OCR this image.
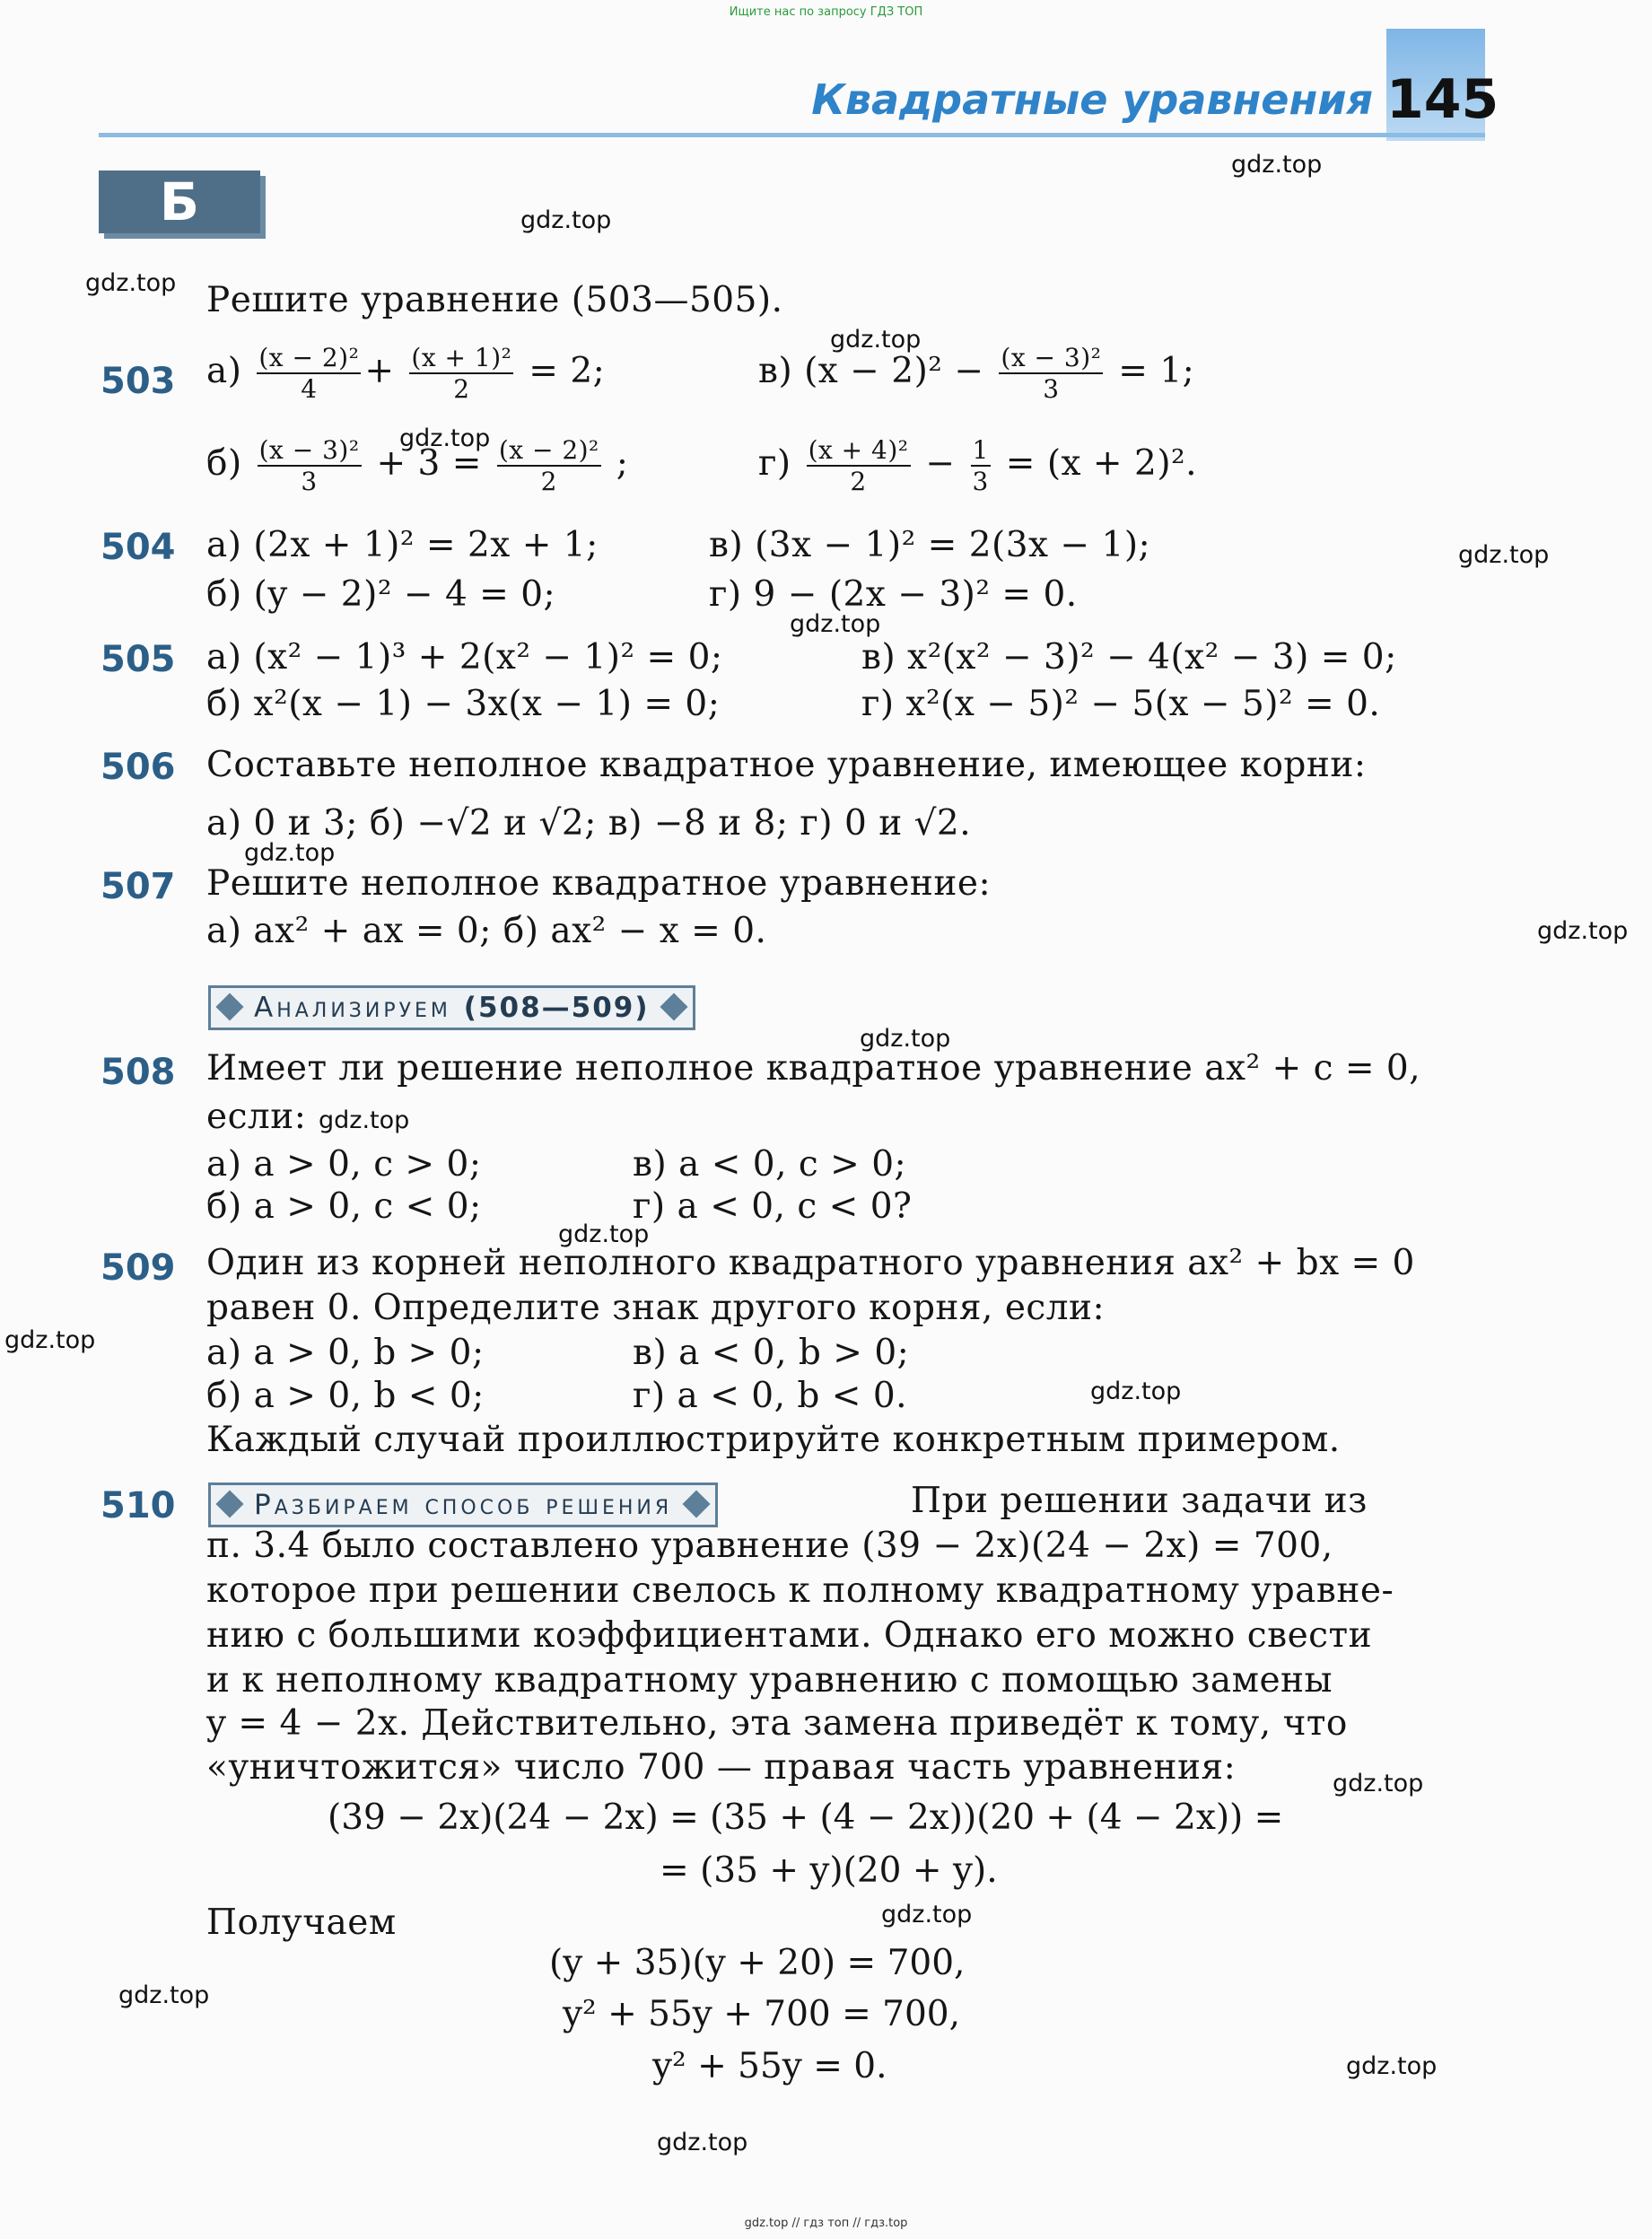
Ищите нас по запросу ГДЗ ТОП
Квадратные уравнения 145
Б
gdz.top
gdz.top
gdz.top
gdz.top
gdz.top
gdz.top
gdz.top
gdz.top
gdz.top
gdz.top
gdz.top
gdz.top
gdz.top
gdz.top
gdz.top
gdz.top
gdz.top
gdz.top
gdz.top
Решите уравнение (503—505).
503 $а) \frac{\text{(x − 2)²}}{4} + \frac{\text{(x + 1)²}}{2} = 2$;	в) $(x - 2)^2 - \frac{\text{(x − 3)²}}{3} = 1$;
$б) \frac{\text{(x − 3)²}}{3} + 3 = \frac{\text{(x − 2)²}}{2}$ ;	$г) \frac{\text{(x + 4)²}}{2} - \frac{1}{3} = (x + 2)^2$.
504 а) (2x + 1)² = 2x + 1;	в) (3x − 1)² = 2(3x − 1);
б) (y − 2)² − 4 = 0;	г) 9 − (2x − 3)² = 0.
505 а) (x² − 1)³ + 2(x² − 1)² = 0;	в) x²(x² − 3)² − 4(x² − 3) = 0;
б) x²(x − 1) − 3x(x − 1) = 0;	г) x²(x − 5)² − 5(x − 5)² = 0.
506 Составьте неполное квадратное уравнение, имеющее корни:
а) 0 и 3; б) −√2 и √2; в) −8 и 8; г) 0 и √2.
507 Решите неполное квадратное уравнение:
а) ax² + ax = 0; б) ax² − x = 0.
Анализируем (508—509)
508 Имеет ли решение неполное квадратное уравнение ax² + c = 0,
если:
а) a > 0, c > 0;	в) a < 0, c > 0;
б) a > 0, c < 0;	г) a < 0, c < 0?
509 Один из корней неполного квадратного уравнения ax² + bx = 0
равен 0. Определите знак другого корня, если:
а) a > 0, b > 0;	в) a < 0, b > 0;
б) a > 0, b < 0;	г) a < 0, b < 0.
Каждый случай проиллюстрируйте конкретным примером.
510	Разбираем способ решения	При решении задачи из
п. 3.4 было составлено уравнение (39 − 2x)(24 − 2x) = 700,
которое при решении свелось к полному квадратному уравне-
нию с большими коэффициентами. Однако его можно свести
и к неполному квадратному уравнению с помощью замены
y = 4 − 2x. Действительно, эта замена приведёт к тому, что
«уничтожится» число 700 — правая часть уравнения:
(39 − 2x)(24 − 2x) = (35 + (4 − 2x))(20 + (4 − 2x)) =
= (35 + y)(20 + y).
Получаем
(y + 35)(y + 20) = 700,
y² + 55y + 700 = 700,
y² + 55y = 0.
gdz.top // гдз топ // гдз.top
